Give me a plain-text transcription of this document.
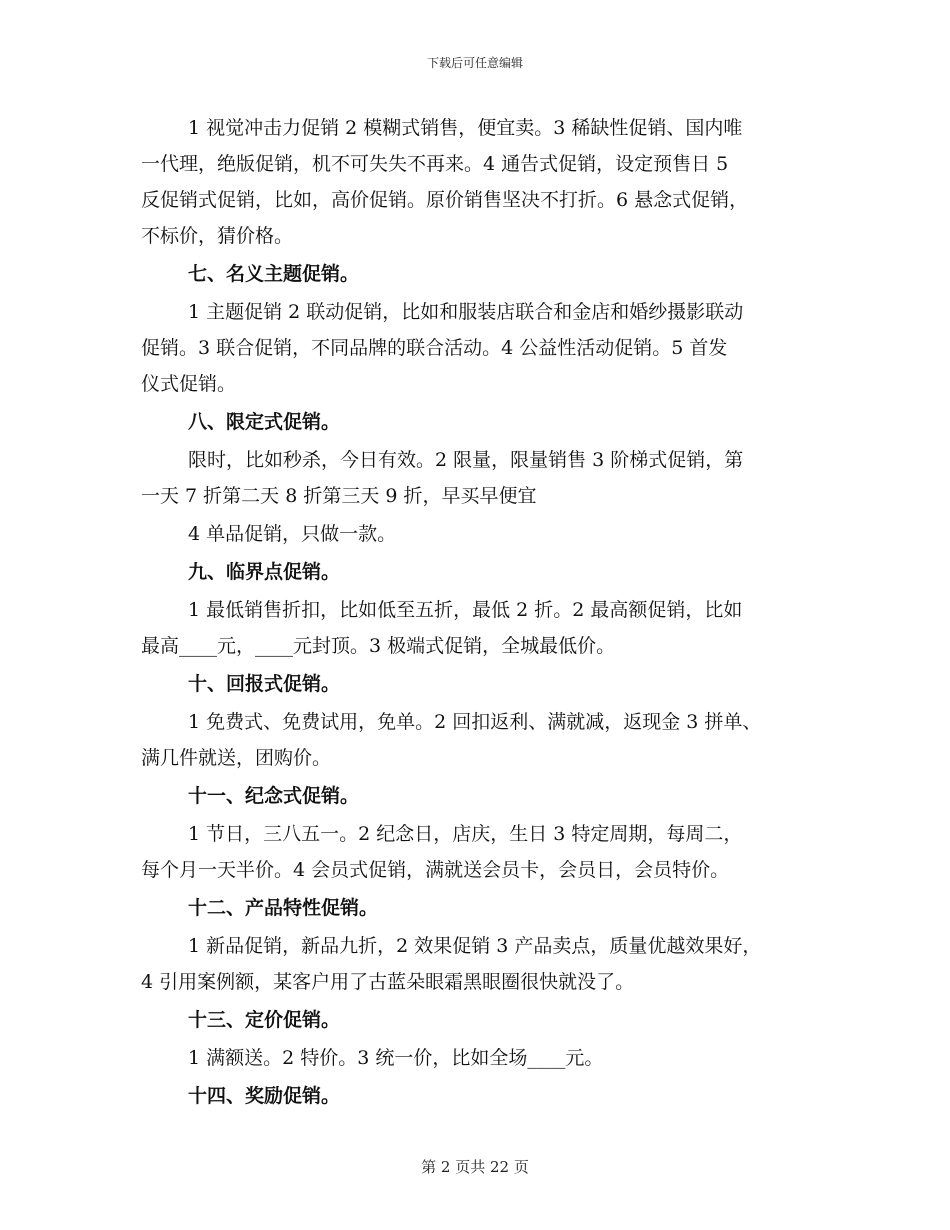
下载后可任意编辑
1 视觉冲击力促销 2 模糊式销售，便宜卖。3 稀缺性促销、国内唯
一代理，绝版促销，机不可失失不再来。4 通告式促销，设定预售日 5
反促销式促销，比如，高价促销。原价销售坚决不打折。6 悬念式促销，
不标价，猜价格。
七、名义主题促销。
1 主题促销 2 联动促销，比如和服装店联合和金店和婚纱摄影联动
促销。3 联合促销，不同品牌的联合活动。4 公益性活动促销。5 首发
仪式促销。
八、限定式促销。
限时，比如秒杀，今日有效。2 限量，限量销售 3 阶梯式促销，第
一天 7 折第二天 8 折第三天 9 折，早买早便宜
4 单品促销，只做一款。
九、临界点促销。
1 最低销售折扣，比如低至五折，最低 2 折。2 最高额促销，比如
最高____元，____元封顶。3 极端式促销，全城最低价。
十、回报式促销。
1 免费式、免费试用，免单。2 回扣返利、满就减，返现金 3 拼单、
满几件就送，团购价。
十一、纪念式促销。
1 节日，三八五一。2 纪念日，店庆，生日 3 特定周期，每周二，
每个月一天半价。4 会员式促销，满就送会员卡，会员日，会员特价。
十二、产品特性促销。
1 新品促销，新品九折，2 效果促销 3 产品卖点，质量优越效果好，
4 引用案例额，某客户用了古蓝朵眼霜黑眼圈很快就没了。
十三、定价促销。
1 满额送。2 特价。3 统一价，比如全场____元。
十四、奖励促销。
第 2 页共 22 页
